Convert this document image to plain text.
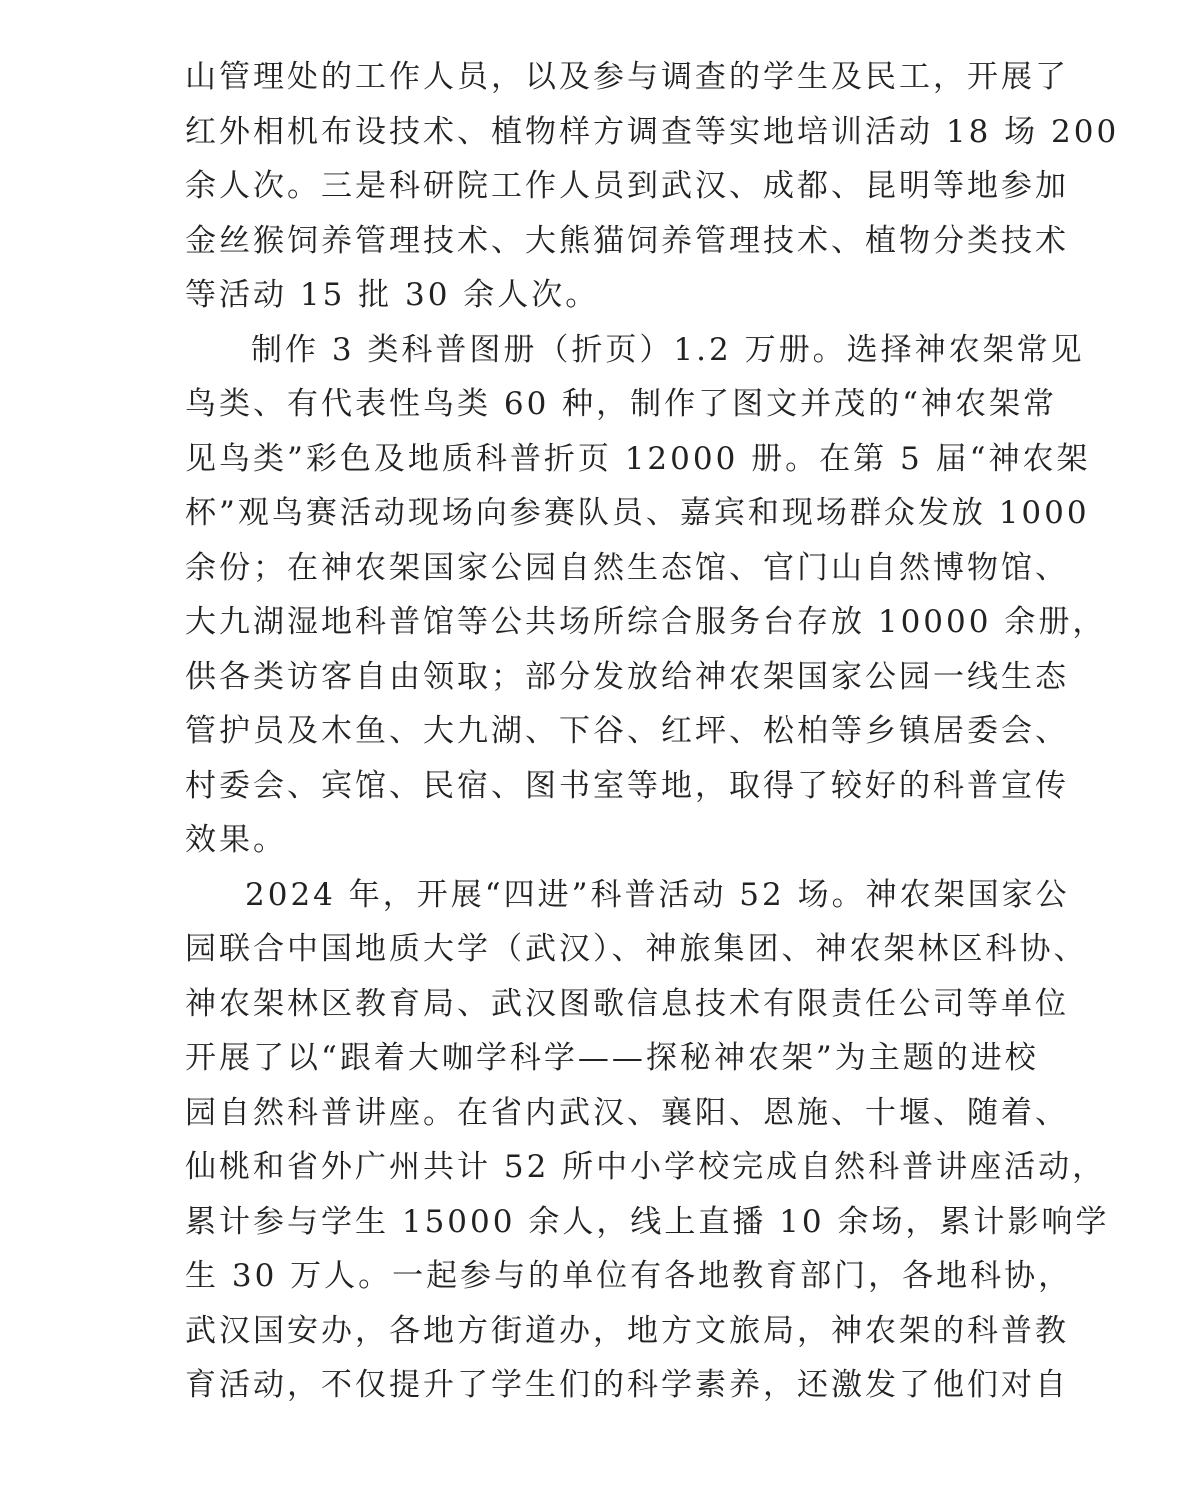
山管理处的工作人员，以及参与调查的学生及民工，开展了
红外相机布设技术、植物样方调查等实地培训活动 18 场 200
余人次。三是科研院工作人员到武汉、成都、昆明等地参加
金丝猴饲养管理技术、大熊猫饲养管理技术、植物分类技术
等活动 15 批 30 余人次。

制作 3 类科普图册（折页）1.2 万册。选择神农架常见
鸟类、有代表性鸟类 60 种，制作了图文并茂的“神农架常
见鸟类”彩色及地质科普折页 12000 册。在第 5 届“神农架
杯”观鸟赛活动现场向参赛队员、嘉宾和现场群众发放 1000
余份；在神农架国家公园自然生态馆、官门山自然博物馆、
大九湖湿地科普馆等公共场所综合服务台存放 10000 余册，
供各类访客自由领取；部分发放给神农架国家公园一线生态
管护员及木鱼、大九湖、下谷、红坪、松柏等乡镇居委会、
村委会、宾馆、民宿、图书室等地，取得了较好的科普宣传
效果。

2024 年，开展“四进”科普活动 52 场。神农架国家公
园联合中国地质大学（武汉）、神旅集团、神农架林区科协、
神农架林区教育局、武汉图歌信息技术有限责任公司等单位
开展了以“跟着大咖学科学——探秘神农架”为主题的进校
园自然科普讲座。在省内武汉、襄阳、恩施、十堰、随着、
仙桃和省外广州共计 52 所中小学校完成自然科普讲座活动，
累计参与学生 15000 余人，线上直播 10 余场，累计影响学
生 30 万人。一起参与的单位有各地教育部门，各地科协，
武汉国安办，各地方街道办，地方文旅局，神农架的科普教
育活动，不仅提升了学生们的科学素养，还激发了他们对自
